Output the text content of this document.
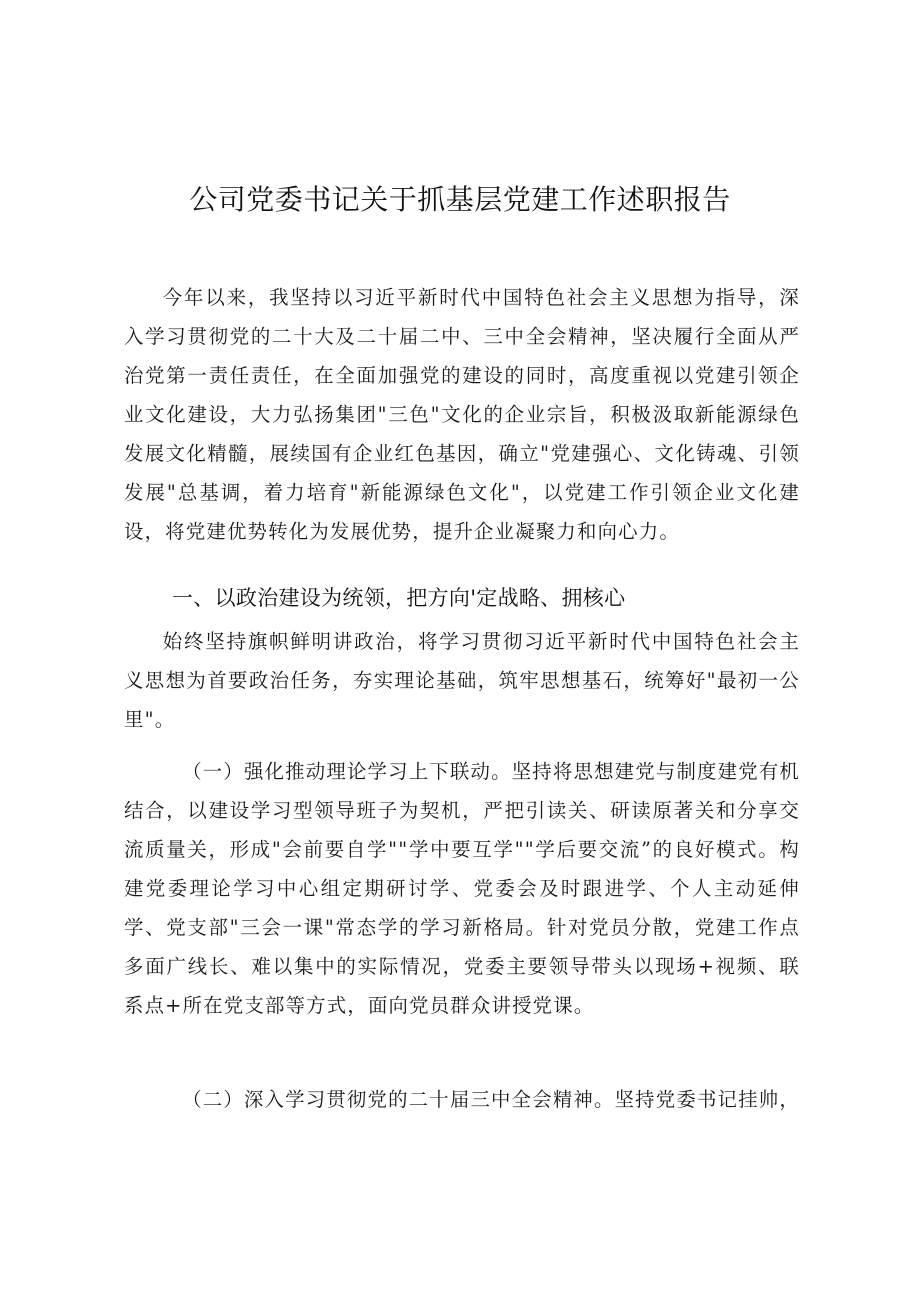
公司党委书记关于抓基层党建工作述职报告

今年以来，我坚持以习近平新时代中国特色社会主义思想为指导，深入学习贯彻党的二十大及二十届二中、三中全会精神，坚决履行全面从严治党第一责任责任，在全面加强党的建设的同时，高度重视以党建引领企业文化建设，大力弘扬集团"三色"文化的企业宗旨，积极汲取新能源绿色发展文化精髓，展续国有企业红色基因，确立"党建强心、文化铸魂、引领发展"总基调，着力培育"新能源绿色文化"，以党建工作引领企业文化建设，将党建优势转化为发展优势，提升企业凝聚力和向心力。

一、以政治建设为统领，把方向'定战略、拥核心

始终坚持旗帜鲜明讲政治，将学习贯彻习近平新时代中国特色社会主义思想为首要政治任务，夯实理论基础，筑牢思想基石，统筹好"最初一公里"。

（一）强化推动理论学习上下联动。坚持将思想建党与制度建党有机结合，以建设学习型领导班子为契机，严把引读关、研读原著关和分享交流质量关，形成"会前要自学""学中要互学""学后要交流”的良好模式。构建党委理论学习中心组定期研讨学、党委会及时跟进学、个人主动延伸学、党支部"三会一课"常态学的学习新格局。针对党员分散，党建工作点多面广线长、难以集中的实际情况，党委主要领导带头以现场+视频、联系点+所在党支部等方式，面向党员群众讲授党课。

（二）深入学习贯彻党的二十届三中全会精神。坚持党委书记挂帅，
